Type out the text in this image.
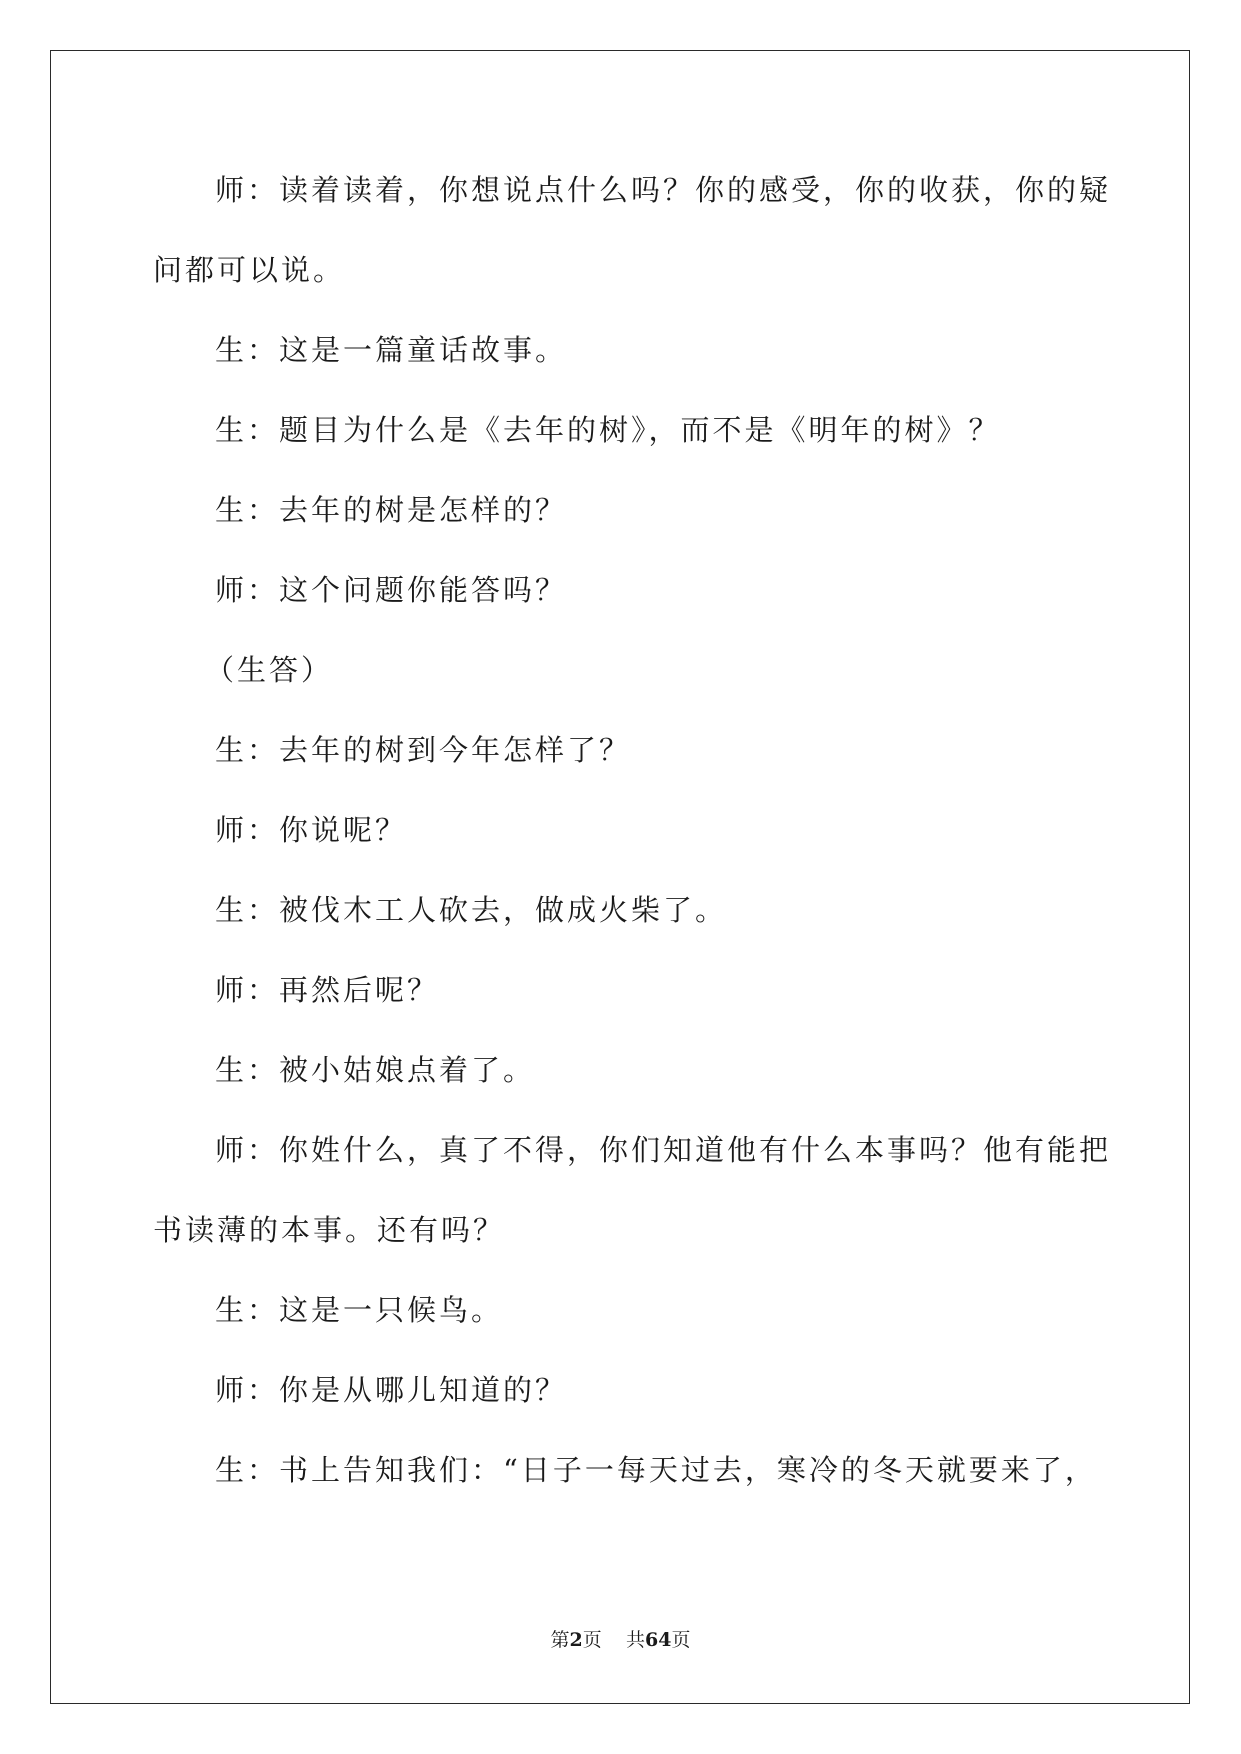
师：读着读着，你想说点什么吗？你的感受，你的收获，你的疑
问都可以说。
生：这是一篇童话故事。
生：题目为什么是《去年的树》，而不是《明年的树》？
生：去年的树是怎样的？
师：这个问题你能答吗？
（生答）
生：去年的树到今年怎样了？
师：你说呢？
生：被伐木工人砍去，做成火柴了。
师：再然后呢？
生：被小姑娘点着了。
师：你姓什么，真了不得，你们知道他有什么本事吗？他有能把
书读薄的本事。还有吗？
生：这是一只候鸟。
师：你是从哪儿知道的？
生：书上告知我们：“日子一每天过去，寒冷的冬天就要来了，
第2页 共64页
